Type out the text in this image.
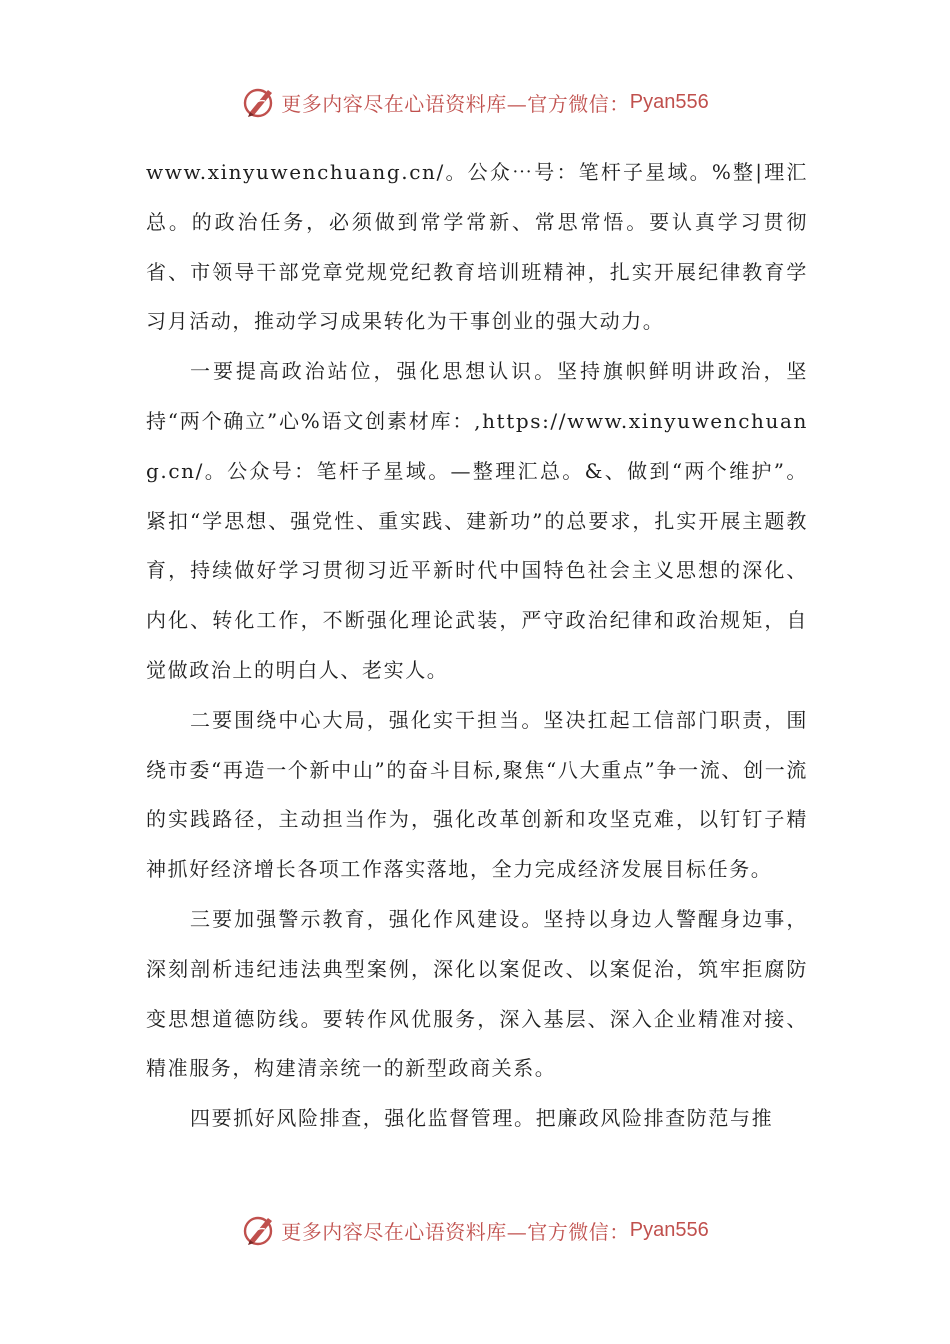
更多内容尽在心语资料库—官方微信： Pyan556

www.xinyuwenchuang.cn/。公众⋯号：笔杆子星域。%整|理汇总。的政治任务，必须做到常学常新、常思常悟。要认真学习贯彻省、市领导干部党章党规党纪教育培训班精神，扎实开展纪律教育学习月活动，推动学习成果转化为干事创业的强大动力。

一要提高政治站位，强化思想认识。坚持旗帜鲜明讲政治，坚持“两个确立”心%语文创素材库：,https://www.xinyuwenchuang.cn/。公众号：笔杆子星域。—整理汇总。&、做到“两个维护”。紧扣“学思想、强党性、重实践、建新功”的总要求，扎实开展主题教育，持续做好学习贯彻习近平新时代中国特色社会主义思想的深化、内化、转化工作，不断强化理论武装，严守政治纪律和政治规矩，自觉做政治上的明白人、老实人。

二要围绕中心大局，强化实干担当。坚决扛起工信部门职责，围绕市委“再造一个新中山”的奋斗目标,聚焦“八大重点”争一流、创一流的实践路径，主动担当作为，强化改革创新和攻坚克难，以钉钉子精神抓好经济增长各项工作落实落地，全力完成经济发展目标任务。

三要加强警示教育，强化作风建设。坚持以身边人警醒身边事，深刻剖析违纪违法典型案例，深化以案促改、以案促治，筑牢拒腐防变思想道德防线。要转作风优服务，深入基层、深入企业精准对接、精准服务，构建清亲统一的新型政商关系。

四要抓好风险排查，强化监督管理。把廉政风险排查防范与推

更多内容尽在心语资料库—官方微信： Pyan556
